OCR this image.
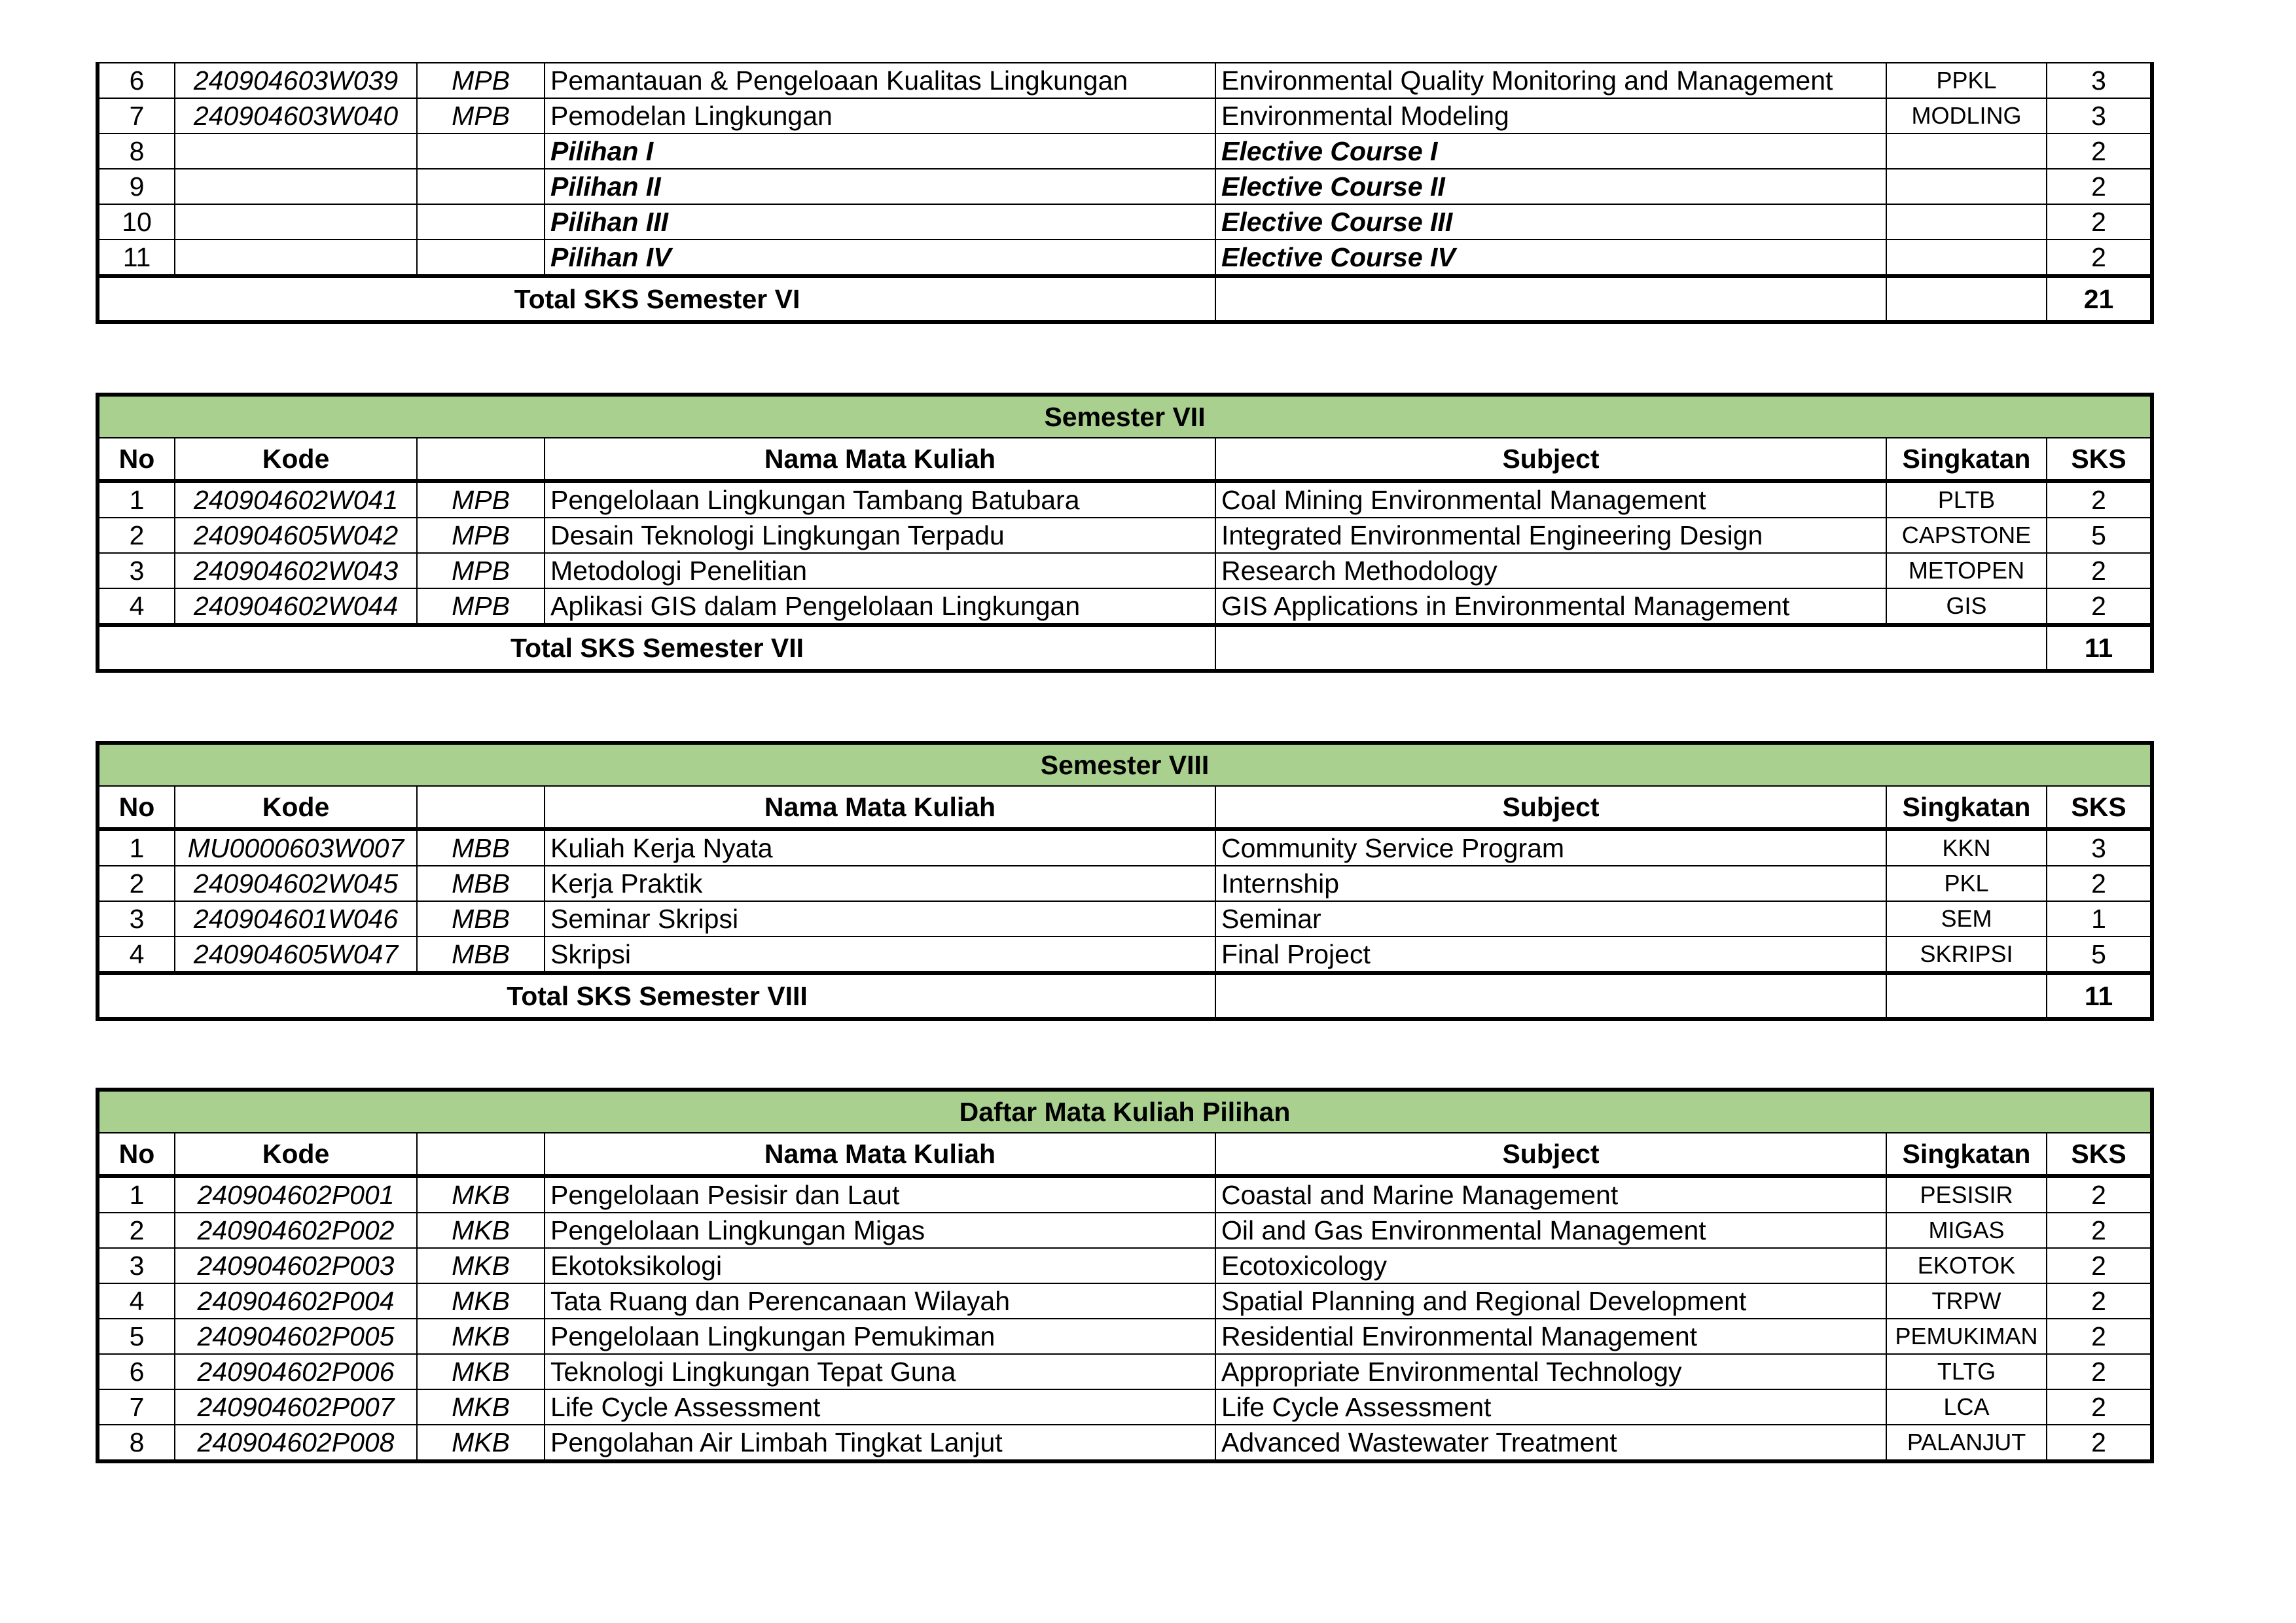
6	240904603W039	MPB	Pemantauan & Pengeloaan Kualitas Lingkungan	Environmental Quality Monitoring and Management	PPKL	3
7	240904603W040	MPB	Pemodelan Lingkungan	Environmental Modeling	MODLING	3
8			Pilihan I	Elective Course I		2
9			Pilihan II	Elective Course II		2
10			Pilihan III	Elective Course III		2
11			Pilihan IV	Elective Course IV		2
Total SKS Semester VI						21
Semester VII						
No	Kode		Nama Mata Kuliah	Subject	Singkatan	SKS
1	240904602W041	MPB	Pengelolaan Lingkungan Tambang Batubara	Coal Mining Environmental Management	PLTB	2
2	240904605W042	MPB	Desain Teknologi Lingkungan Terpadu	Integrated Environmental Engineering Design	CAPSTONE	5
3	240904602W043	MPB	Metodologi Penelitian	Research Methodology	METOPEN	2
4	240904602W044	MPB	Aplikasi GIS dalam Pengelolaan Lingkungan	GIS Applications in Environmental Management	GIS	2
Total SKS Semester VII						11
Semester VIII						
No	Kode		Nama Mata Kuliah	Subject	Singkatan	SKS
1	MU0000603W007	MBB	Kuliah Kerja Nyata	Community Service Program	KKN	3
2	240904602W045	MBB	Kerja Praktik	Internship	PKL	2
3	240904601W046	MBB	Seminar Skripsi	Seminar	SEM	1
4	240904605W047	MBB	Skripsi	Final Project	SKRIPSI	5
Total SKS Semester VIII						11
Daftar Mata Kuliah Pilihan						
No	Kode		Nama Mata Kuliah	Subject	Singkatan	SKS
1	240904602P001	MKB	Pengelolaan Pesisir dan Laut	Coastal and Marine Management	PESISIR	2
2	240904602P002	MKB	Pengelolaan Lingkungan Migas	Oil and Gas Environmental Management	MIGAS	2
3	240904602P003	MKB	Ekotoksikologi	Ecotoxicology	EKOTOK	2
4	240904602P004	MKB	Tata Ruang dan Perencanaan Wilayah	Spatial Planning and Regional Development	TRPW	2
5	240904602P005	MKB	Pengelolaan Lingkungan Pemukiman	Residential Environmental Management	PEMUKIMAN	2
6	240904602P006	MKB	Teknologi Lingkungan Tepat Guna	Appropriate Environmental Technology	TLTG	2
7	240904602P007	MKB	Life Cycle Assessment	Life Cycle Assessment	LCA	2
8	240904602P008	MKB	Pengolahan Air Limbah Tingkat Lanjut	Advanced Wastewater Treatment	PALANJUT	2
